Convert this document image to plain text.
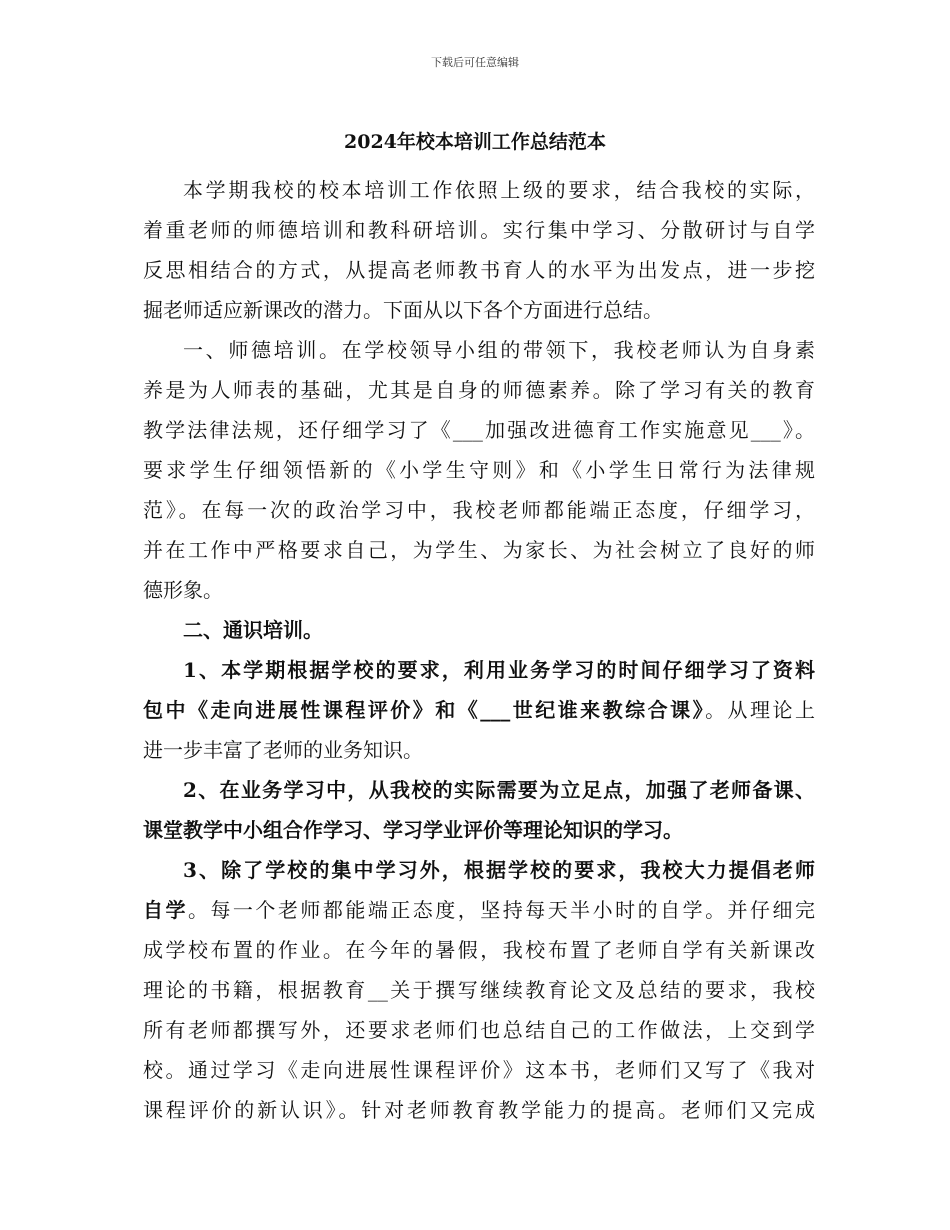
下载后可任意编辑
2024年校本培训工作总结范本
本学期我校的校本培训工作依照上级的要求，结合我校的实际，
着重老师的师德培训和教科研培训。实行集中学习、分散研讨与自学
反思相结合的方式，从提高老师教书育人的水平为出发点，进一步挖
掘老师适应新课改的潜力。下面从以下各个方面进行总结。
一、师德培训。在学校领导小组的带领下，我校老师认为自身素
养是为人师表的基础，尤其是自身的师德素养。除了学习有关的教育
教学法律法规，还仔细学习了《___加强改进德育工作实施意见___》。
要求学生仔细领悟新的《小学生守则》和《小学生日常行为法律规
范》。在每一次的政治学习中，我校老师都能端正态度，仔细学习，
并在工作中严格要求自己，为学生、为家长、为社会树立了良好的师
德形象。
二、通识培训。
1、本学期根据学校的要求，利用业务学习的时间仔细学习了资料
包中《走向进展性课程评价》和《___世纪谁来教综合课》。从理论上
进一步丰富了老师的业务知识。
2、在业务学习中，从我校的实际需要为立足点，加强了老师备课、
课堂教学中小组合作学习、学习学业评价等理论知识的学习。
3、除了学校的集中学习外，根据学校的要求，我校大力提倡老师
自学。每一个老师都能端正态度，坚持每天半小时的自学。并仔细完
成学校布置的作业。在今年的暑假，我校布置了老师自学有关新课改
理论的书籍，根据教育__关于撰写继续教育论文及总结的要求，我校
所有老师都撰写外，还要求老师们也总结自己的工作做法，上交到学
校。通过学习《走向进展性课程评价》这本书，老师们又写了《我对
课程评价的新认识》。针对老师教育教学能力的提高。老师们又完成
